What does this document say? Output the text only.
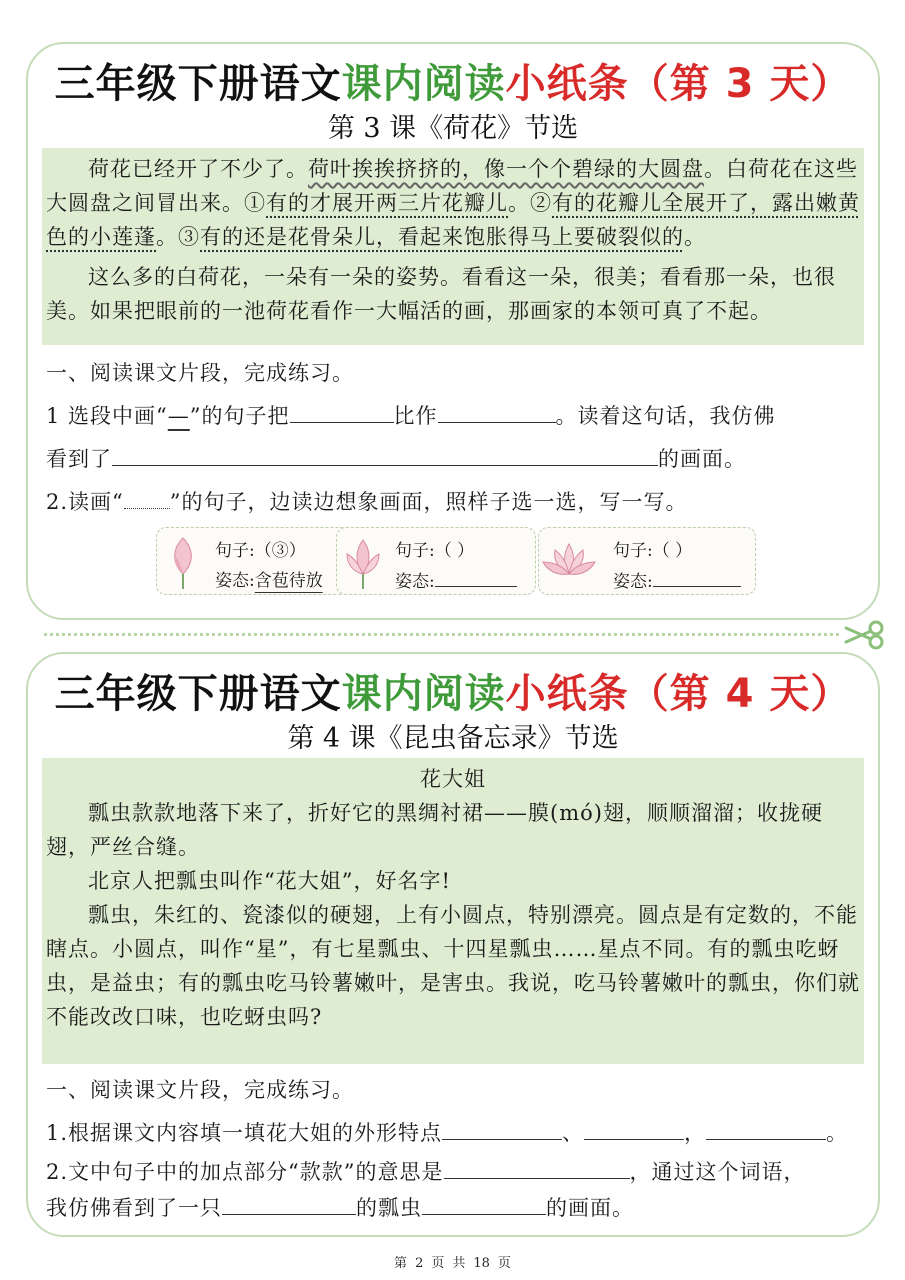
三年级下册语文课内阅读小纸条（第 3 天）
第 3 课《荷花》节选

荷花已经开了不少了。荷叶挨挨挤挤的，像一个个碧绿的大圆盘。白荷花在这些大圆盘之间冒出来。①有的才展开两三片花瓣儿。②有的花瓣儿全展开了，露出嫩黄色的小莲蓬。③有的还是花骨朵儿，看起来饱胀得马上要破裂似的。

这么多的白荷花，一朵有一朵的姿势。看看这一朵，很美；看看那一朵，也很美。如果把眼前的一池荷花看作一大幅活的画，那画家的本领可真了不起。

一、阅读课文片段，完成练习。
1 选段中画“—”的句子把	比作	。读着这句话，我仿佛
看到了	的画面。
2.读画“ ”的句子，边读边想象画面，照样子选一选，写一写。
句子:（③）
姿态:含苞待放
句子:（ ）
姿态:
句子:（ ）
姿态:
三年级下册语文课内阅读小纸条（第 4 天）
第 4 课《昆虫备忘录》节选

花大姐

瓢虫款款地落下来了，折好它的黑绸衬裙——膜(mó)翅，顺顺溜溜；收拢硬翅，严丝合缝。

北京人把瓢虫叫作“花大姐”，好名字!

瓢虫，朱红的、瓷漆似的硬翅，上有小圆点，特别漂亮。圆点是有定数的，不能瞎点。小圆点，叫作“星”，有七星瓢虫、十四星瓢虫……星点不同。有的瓢虫吃蚜虫，是益虫；有的瓢虫吃马铃薯嫩叶，是害虫。我说，吃马铃薯嫩叶的瓢虫，你们就不能改改口味，也吃蚜虫吗?

一、阅读课文片段，完成练习。
1.根据课文内容填一填花大姐的外形特点	、	，	。
2.文中句子中的加点部分“款款”的意思是	，通过这个词语，
我仿佛看到了一只	的瓢虫	的画面。
第 2 页 共 18 页
